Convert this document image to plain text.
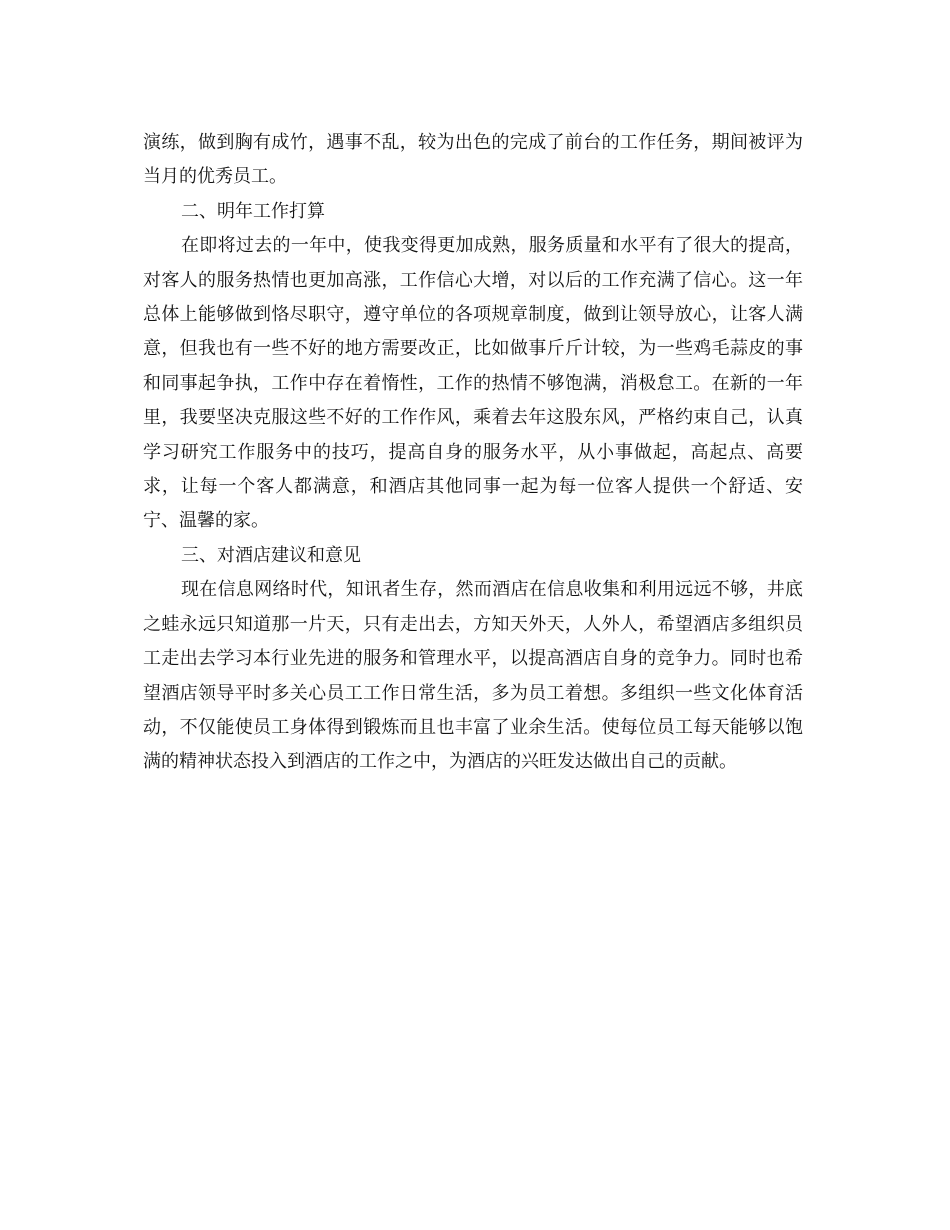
演练，做到胸有成竹，遇事不乱，较为出色的完成了前台的工作任务，期间被评为当月的优秀员工。

二、明年工作打算

在即将过去的一年中，使我变得更加成熟，服务质量和水平有了很大的提高，对客人的服务热情也更加高涨，工作信心大增，对以后的工作充满了信心。这一年总体上能够做到恪尽职守，遵守单位的各项规章制度，做到让领导放心，让客人满意，但我也有一些不好的地方需要改正，比如做事斤斤计较，为一些鸡毛蒜皮的事和同事起争执，工作中存在着惰性，工作的热情不够饱满，消极怠工。在新的一年里，我要坚决克服这些不好的工作作风，乘着去年这股东风，严格约束自己，认真学习研究工作服务中的技巧，提高自身的服务水平，从小事做起，高起点、高要求，让每一个客人都满意，和酒店其他同事一起为每一位客人提供一个舒适、安宁、温馨的家。

三、对酒店建议和意见

现在信息网络时代，知讯者生存，然而酒店在信息收集和利用远远不够，井底之蛙永远只知道那一片天，只有走出去，方知天外天，人外人，希望酒店多组织员工走出去学习本行业先进的服务和管理水平，以提高酒店自身的竞争力。同时也希望酒店领导平时多关心员工工作日常生活，多为员工着想。多组织一些文化体育活动，不仅能使员工身体得到锻炼而且也丰富了业余生活。使每位员工每天能够以饱满的精神状态投入到酒店的工作之中，为酒店的兴旺发达做出自己的贡献。
